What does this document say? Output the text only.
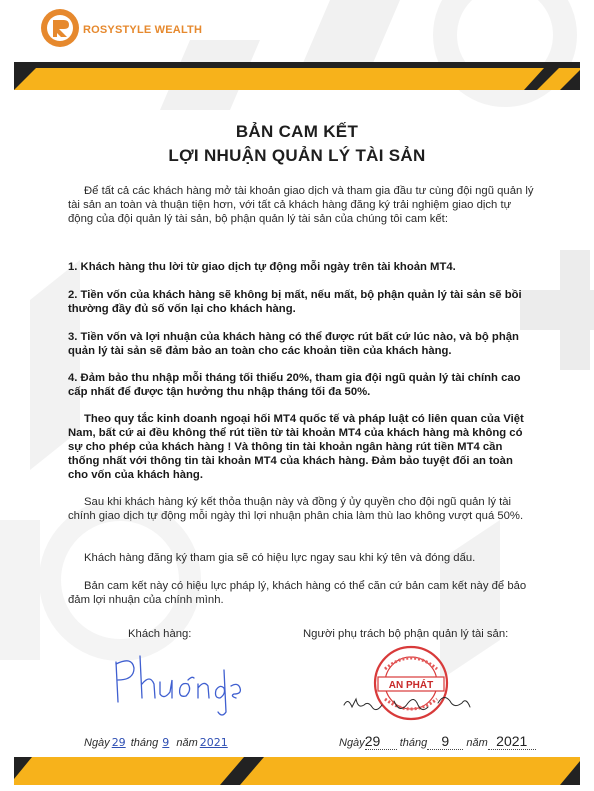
ROSYSTYLE WEALTH
BẢN CAM KẾT
LỢI NHUẬN QUẢN LÝ TÀI SẢN
Để tất cả các khách hàng mở tài khoản giao dịch và tham gia đầu tư cùng đội ngũ quản lý tài sản an toàn và thuận tiện hơn, với tất cả khách hàng đăng ký trải nghiệm giao dịch tự động của đội quản lý tài sản, bộ phận quản lý tài sản của chúng tôi cam kết:
1. Khách hàng thu lời từ giao dịch tự động mỗi ngày trên tài khoản MT4.
2. Tiền vốn của khách hàng sẽ không bị mất, nếu mất, bộ phận quản lý tài sản sẽ bồi thường đầy đủ số vốn lại cho khách hàng.
3. Tiền vốn và lợi nhuận của khách hàng có thể được rút bất cứ lúc nào, và bộ phận quản lý tài sản sẽ đảm bảo an toàn cho các khoản tiền của khách hàng.
4. Đảm bảo thu nhập mỗi tháng tối thiểu 20%, tham gia đội ngũ quản lý tài chính cao cấp nhất để được tận hưởng thu nhập tháng tối đa 50%.
Theo quy tắc kinh doanh ngoại hối MT4 quốc tế và pháp luật có liên quan của Việt Nam, bất cứ ai đều không thể rút tiền từ tài khoản MT4 của khách hàng mà không có sự cho phép của khách hàng ! Và thông tin tài khoản ngân hàng rút tiền MT4 cần thống nhất với thông tin tài khoản MT4 của khách hàng. Đảm bảo tuyệt đối an toàn cho vốn của khách hàng.
Sau khi khách hàng ký kết thỏa thuận này và đồng ý ủy quyền cho đội ngũ quản lý tài chính giao dịch tự động mỗi ngày thì lợi nhuận phân chia làm thù lao không vượt quá 50%.
Khách hàng đăng ký tham gia sẽ có hiệu lực ngay sau khi ký tên và đóng dấu.
Bản cam kết này có hiệu lực pháp lý, khách hàng có thể căn cứ bản cam kết này để bảo đảm lợi nhuận của chính mình.
Khách hàng:	Người phụ trách bộ phận quản lý tài sản:
Phương
AN PHÁT
Ngày 29 tháng 9 năm 2021	Ngày29 tháng 9 năm 2021
